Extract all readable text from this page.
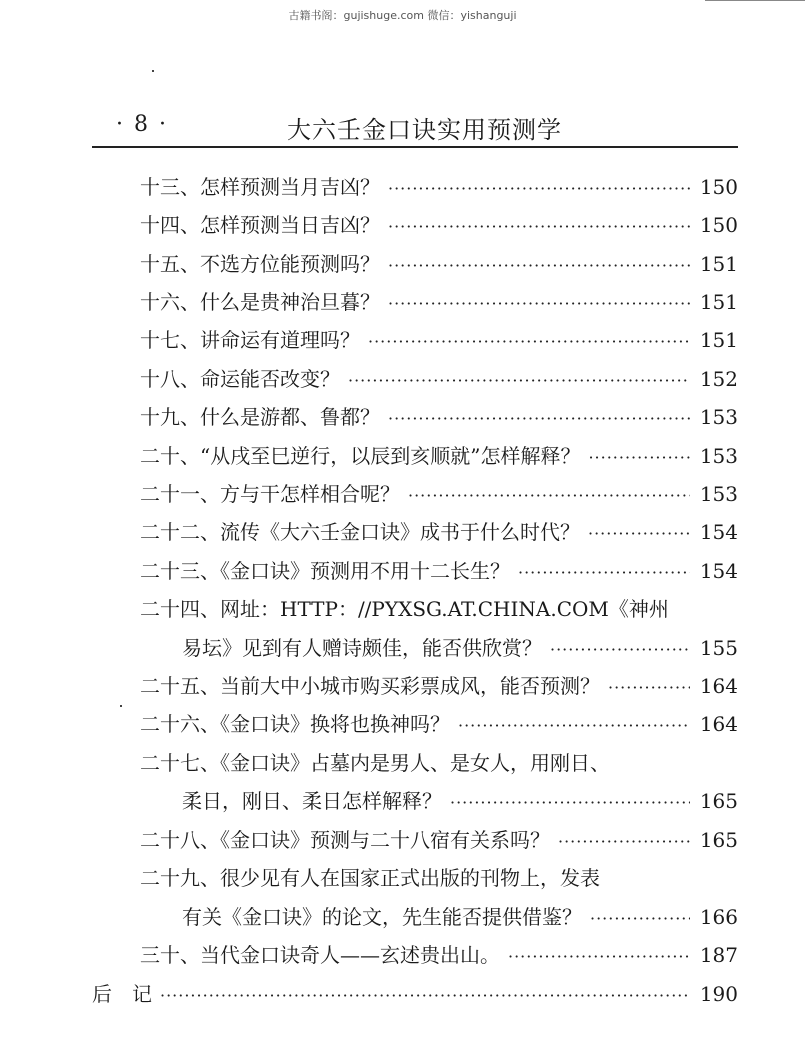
古籍书阁：gujishuge.com 微信：yishanguji
· 8 ·	大六壬金口诀实用预测学
十三、怎样预测当月吉凶？ ·····	150
十四、怎样预测当日吉凶？ ·····	150
十五、不选方位能预测吗？ ·····	151
十六、什么是贵神治旦暮？ ·····	151
十七、讲命运有道理吗？ ·····	151
十八、命运能否改变？ ·····	152
十九、什么是游都、鲁都？ ·····	153
二十、“从戌至巳逆行，以辰到亥顺就”怎样解释？ ·····	153
二十一、方与干怎样相合呢？ ·····	153
二十二、流传《大六壬金口诀》成书于什么时代？ ·····	154
二十三、《金口诀》预测用不用十二长生？ ·····	154
二十四、网址：HTTP：//PYXSG.AT.CHINA.COM《神州
易坛》见到有人赠诗颇佳，能否供欣赏？ ·····	155
二十五、当前大中小城市购买彩票成风，能否预测？ ·····	164
二十六、《金口诀》换将也换神吗？ ·····	164
二十七、《金口诀》占墓内是男人、是女人，用刚日、
柔日，刚日、柔日怎样解释？ ·····	165
二十八、《金口诀》预测与二十八宿有关系吗？ ·····	165
二十九、很少见有人在国家正式出版的刊物上，发表
有关《金口诀》的论文，先生能否提供借鉴？ ·····	166
三十、当代金口诀奇人——玄述贵出山。 ·····	187
后　记 ·····	190
